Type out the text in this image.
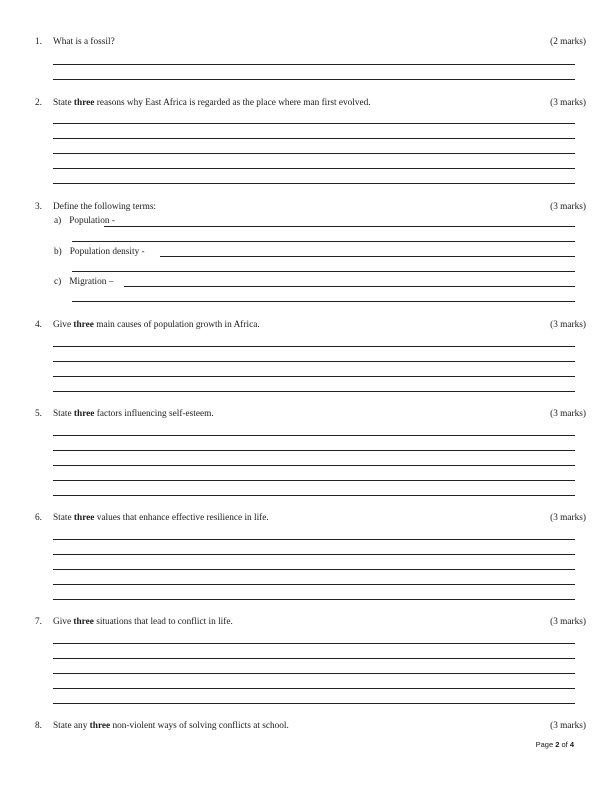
1. What is a fossil?	(2 marks)
2. State three reasons why East Africa is regarded as the place where man first evolved.	(3 marks)
3. Define the following terms:	(3 marks)
a) Population -
b) Population density -
c) Migration –
4. Give three main causes of population growth in Africa.	(3 marks)
5. State three factors influencing self-esteem.	(3 marks)
6. State three values that enhance effective resilience in life.	(3 marks)
7. Give three situations that lead to conflict in life.	(3 marks)
8. State any three non-violent ways of solving conflicts at school.	(3 marks)
Page 2 of 4
